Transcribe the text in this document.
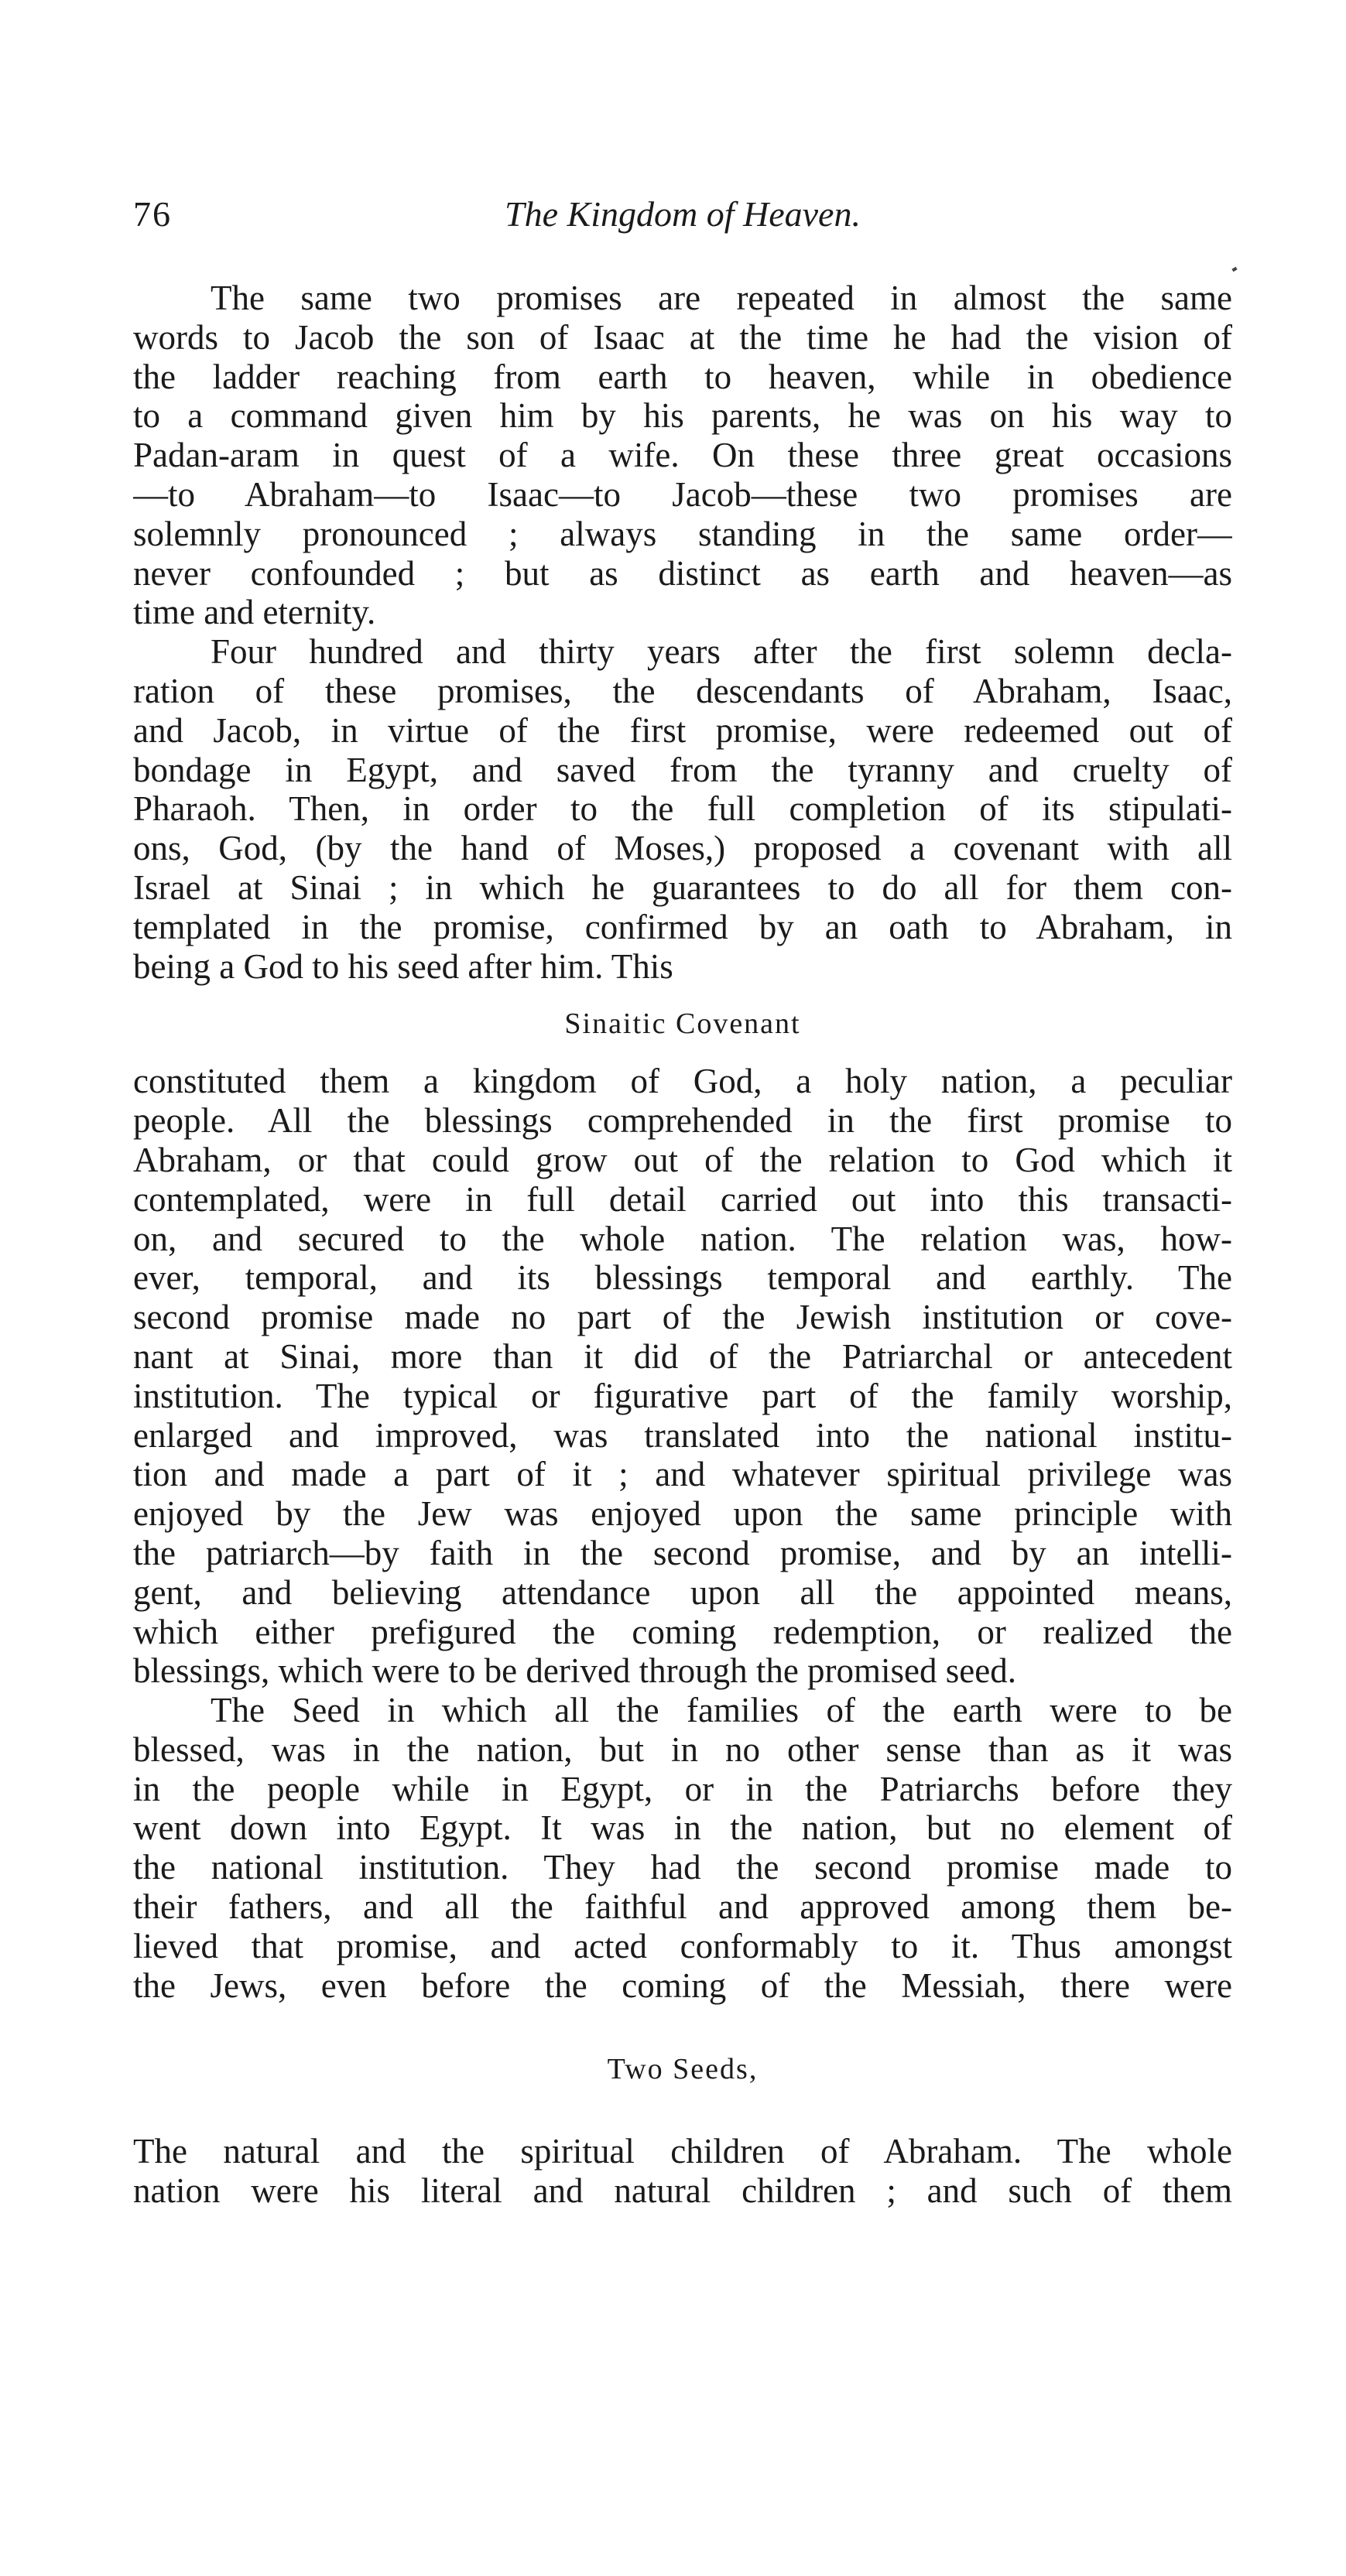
76	The Kingdom of Heaven.
The same two promises are repeated in almost the same
words to Jacob the son of Isaac at the time he had the vision of
the ladder reaching from earth to heaven, while in obedience
to a command given him by his parents, he was on his way to
Padan-aram in quest of a wife. On these three great occasions
—to Abraham—to Isaac—to Jacob—these two promises are
solemnly pronounced ; always standing in the same order—
never confounded ; but as distinct as earth and heaven—as
time and eternity.
Four hundred and thirty years after the first solemn decla-
ration of these promises, the descendants of Abraham, Isaac,
and Jacob, in virtue of the first promise, were redeemed out of
bondage in Egypt, and saved from the tyranny and cruelty of
Pharaoh. Then, in order to the full completion of its stipulati-
ons, God, (by the hand of Moses,) proposed a covenant with all
Israel at Sinai ; in which he guarantees to do all for them con-
templated in the promise, confirmed by an oath to Abraham, in
being a God to his seed after him. This
Sinaitic Covenant
constituted them a kingdom of God, a holy nation, a peculiar
people. All the blessings comprehended in the first promise to
Abraham, or that could grow out of the relation to God which it
contemplated, were in full detail carried out into this transacti-
on, and secured to the whole nation. The relation was, how-
ever, temporal, and its blessings temporal and earthly. The
second promise made no part of the Jewish institution or cove-
nant at Sinai, more than it did of the Patriarchal or antecedent
institution. The typical or figurative part of the family worship,
enlarged and improved, was translated into the national institu-
tion and made a part of it ; and whatever spiritual privilege was
enjoyed by the Jew was enjoyed upon the same principle with
the patriarch—by faith in the second promise, and by an intelli-
gent, and believing attendance upon all the appointed means,
which either prefigured the coming redemption, or realized the
blessings, which were to be derived through the promised seed.
The Seed in which all the families of the earth were to be
blessed, was in the nation, but in no other sense than as it was
in the people while in Egypt, or in the Patriarchs before they
went down into Egypt. It was in the nation, but no element of
the national institution. They had the second promise made to
their fathers, and all the faithful and approved among them be-
lieved that promise, and acted conformably to it. Thus amongst
the Jews, even before the coming of the Messiah, there were
Two Seeds,
The natural and the spiritual children of Abraham. The whole
nation were his literal and natural children ; and such of them
